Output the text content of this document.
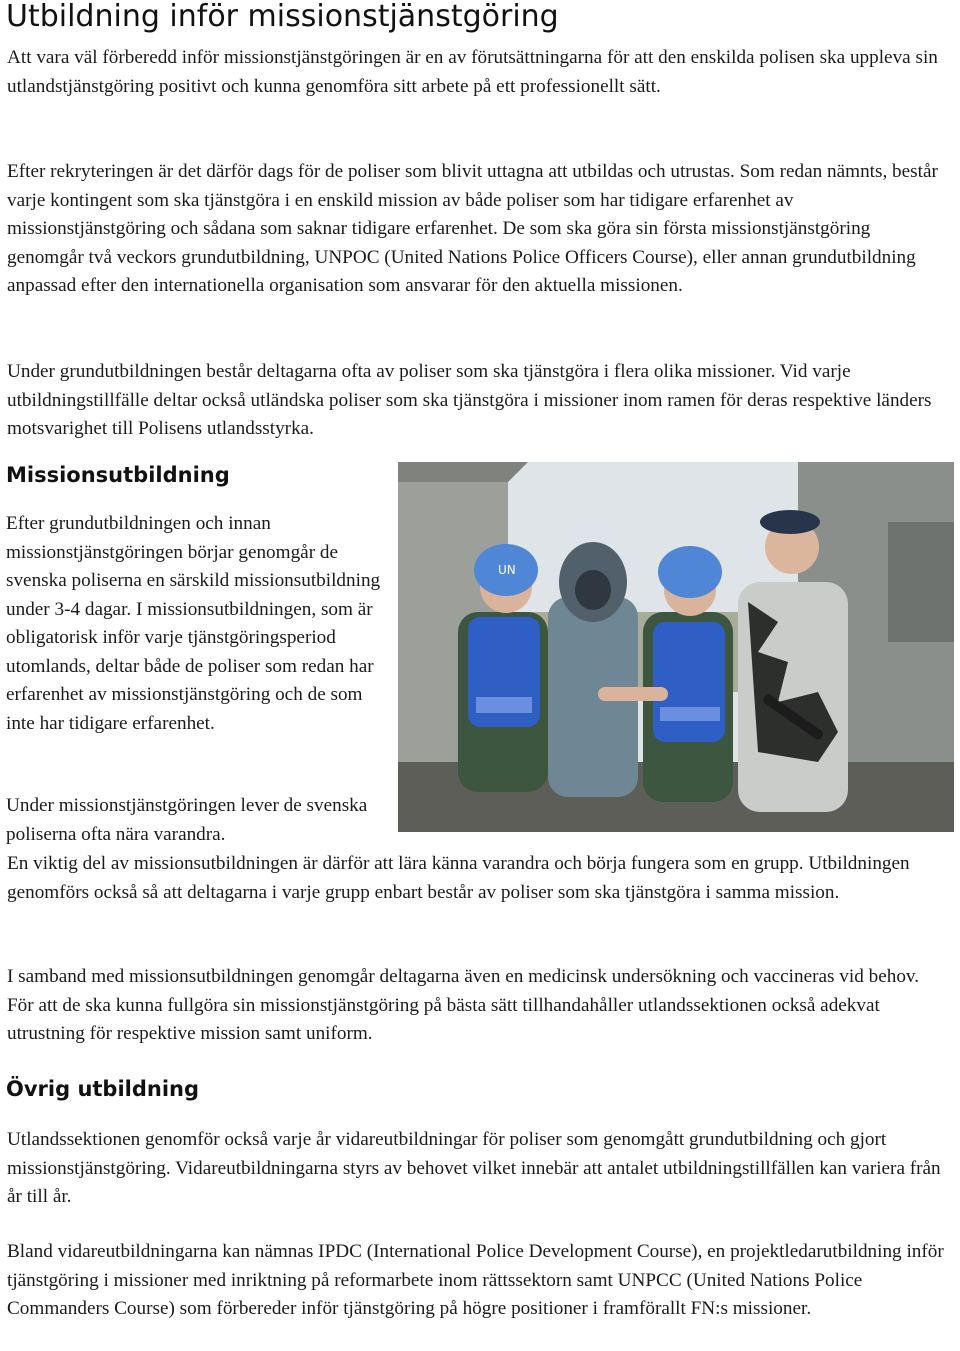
Utbildning inför missionstjänstgöring

Att vara väl förberedd inför missionstjänstgöringen är en av förutsättningarna för att den enskilda polisen ska uppleva sin utlandstjänstgöring positivt och kunna genomföra sitt arbete på ett professionellt sätt.

Efter rekryteringen är det därför dags för de poliser som blivit uttagna att utbildas och utrustas. Som redan nämnts, består varje kontingent som ska tjänstgöra i en enskild mission av både poliser som har tidigare erfarenhet av missionstjänstgöring och sådana som saknar tidigare erfarenhet. De som ska göra sin första missionstjänstgöring genomgår två veckors grundutbildning, UNPOC (United Nations Police Officers Course), eller annan grundutbildning anpassad efter den internationella organisation som ansvarar för den aktuella missionen.

Under grundutbildningen består deltagarna ofta av poliser som ska tjänstgöra i flera olika missioner. Vid varje utbildningstillfälle deltar också utländska poliser som ska tjänstgöra i missioner inom ramen för deras respektive länders motsvarighet till Polisens utlandsstyrka.

Missionsutbildning

Efter grundutbildningen och innan missionstjänstgöringen börjar genomgår de svenska poliserna en särskild missionsutbildning under 3-4 dagar. I missionsutbildningen, som är obligatorisk inför varje tjänstgöringsperiod utomlands, deltar både de poliser som redan har erfarenhet av missionstjänstgöring och de som inte har tidigare erfarenhet.

Under missionstjänstgöringen lever de svenska poliserna ofta nära varandra.

UN

En viktig del av missionsutbildningen är därför att lära känna varandra och börja fungera som en grupp. Utbildningen genomförs också så att deltagarna i varje grupp enbart består av poliser som ska tjänstgöra i samma mission.

I samband med missionsutbildningen genomgår deltagarna även en medicinsk undersökning och vaccineras vid behov. För att de ska kunna fullgöra sin missionstjänstgöring på bästa sätt tillhandahåller utlandssektionen också adekvat utrustning för respektive mission samt uniform.

Övrig utbildning

Utlandssektionen genomför också varje år vidareutbildningar för poliser som genomgått grundutbildning och gjort missionstjänstgöring. Vidareutbildningarna styrs av behovet vilket innebär att antalet utbildningstillfällen kan variera från år till år.

Bland vidareutbildningarna kan nämnas IPDC (International Police Development Course), en projektledarutbildning inför tjänstgöring i missioner med inriktning på reformarbete inom rättssektorn samt UNPCC (United Nations Police Commanders Course) som förbereder inför tjänstgöring på högre positioner i framförallt FN:s missioner.
